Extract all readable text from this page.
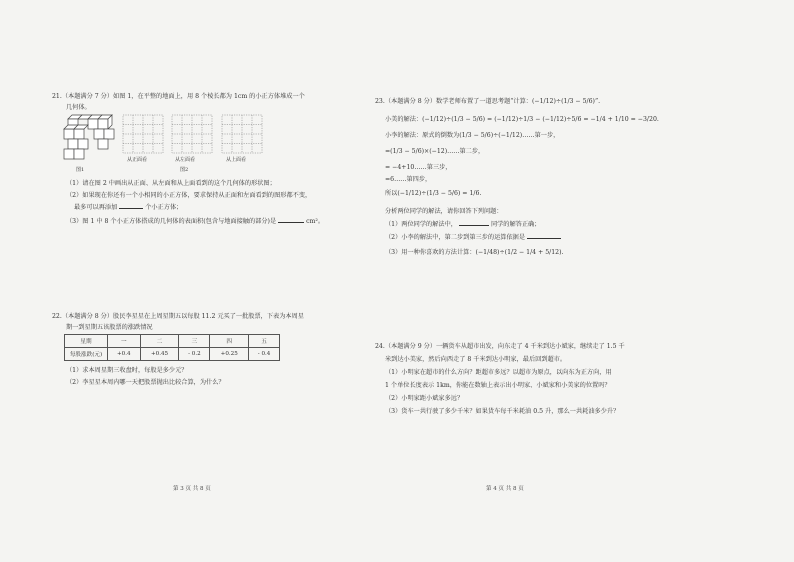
21.（本题满分 7 分）如图 1，在平整的地面上，用 8 个棱长都为 1cm 的小正方体堆成一个
几何体。
图1
从正面看	从左面看	从上面看
图2
（1）请在图 2 中画出从正面、从左面和从上面看到的这个几何体的形状图；
（2）如果现在你还有一个小相同的小正方体，要求保持从正面和左面看到的图形都不变，
最多可以再添加	个小正方体；
（3）图 1 中 8 个小正方体搭成的几何体的表面积(包含与地面接触的部分)是	cm²。
22.（本题满分 8 分）股民李星星在上周星期五以每股 11.2 元买了一批股票，下表为本周星
期一到星期五该股票的涨跌情况
星期	一	二	三	四	五
每股涨跌(元)	+0.4	+0.45	- 0.2	+0.25	- 0.4
（1）求本周星期三收盘时，每股是多少元？
（2）李星星本周内哪一天把股票抛出比较合算，为什么？
第 3 页 共 8 页
23.（本题满分 8 分）数学老师布置了一道思考题“计算：(−1/12)÷(1/3 − 5/6)”.
小美的解法：(−1/12)÷(1/3 − 5/6) = (−1/12)÷1/3 − (−1/12)÷5/6 = −1/4 + 1/10 = −3/20.
小李的解法：原式的倒数为(1/3 − 5/6)÷(−1/12)……第一步，
=(1/3 − 5/6)×(−12)……第二步，
= −4+10……第三步，
=6……第四步，
所以(−1/12)÷(1/3 − 5/6) = 1/6.
分析两位同学的解法，请你回答下列问题：
（1）两位同学的解法中，	同学的解答正确；
（2）小李的解法中，第二步到第三步的运算依据是
（3）用一种你喜欢的方法计算：(−1/48)÷(1/2 − 1/4 + 5/12).
24.（本题满分 9 分）一辆货车从超市出发，向东走了 4 千米到达小斌家，继续走了 1.5 千
米到达小美家，然后向西走了 8 千米到达小明家，最后回到超市。
（1）小明家在超市的什么方向？距超市多远？以超市为原点，以向东为正方向，用
1 个单位长度表示 1km，你能在数轴上表示出小明家、小斌家和小美家的位置吗？
（2）小明家距小斌家多远？
（3）货车一共行驶了多少千米？如果货车每千米耗油 0.5 升，那么一共耗油多少升？
第 4 页 共 8 页
